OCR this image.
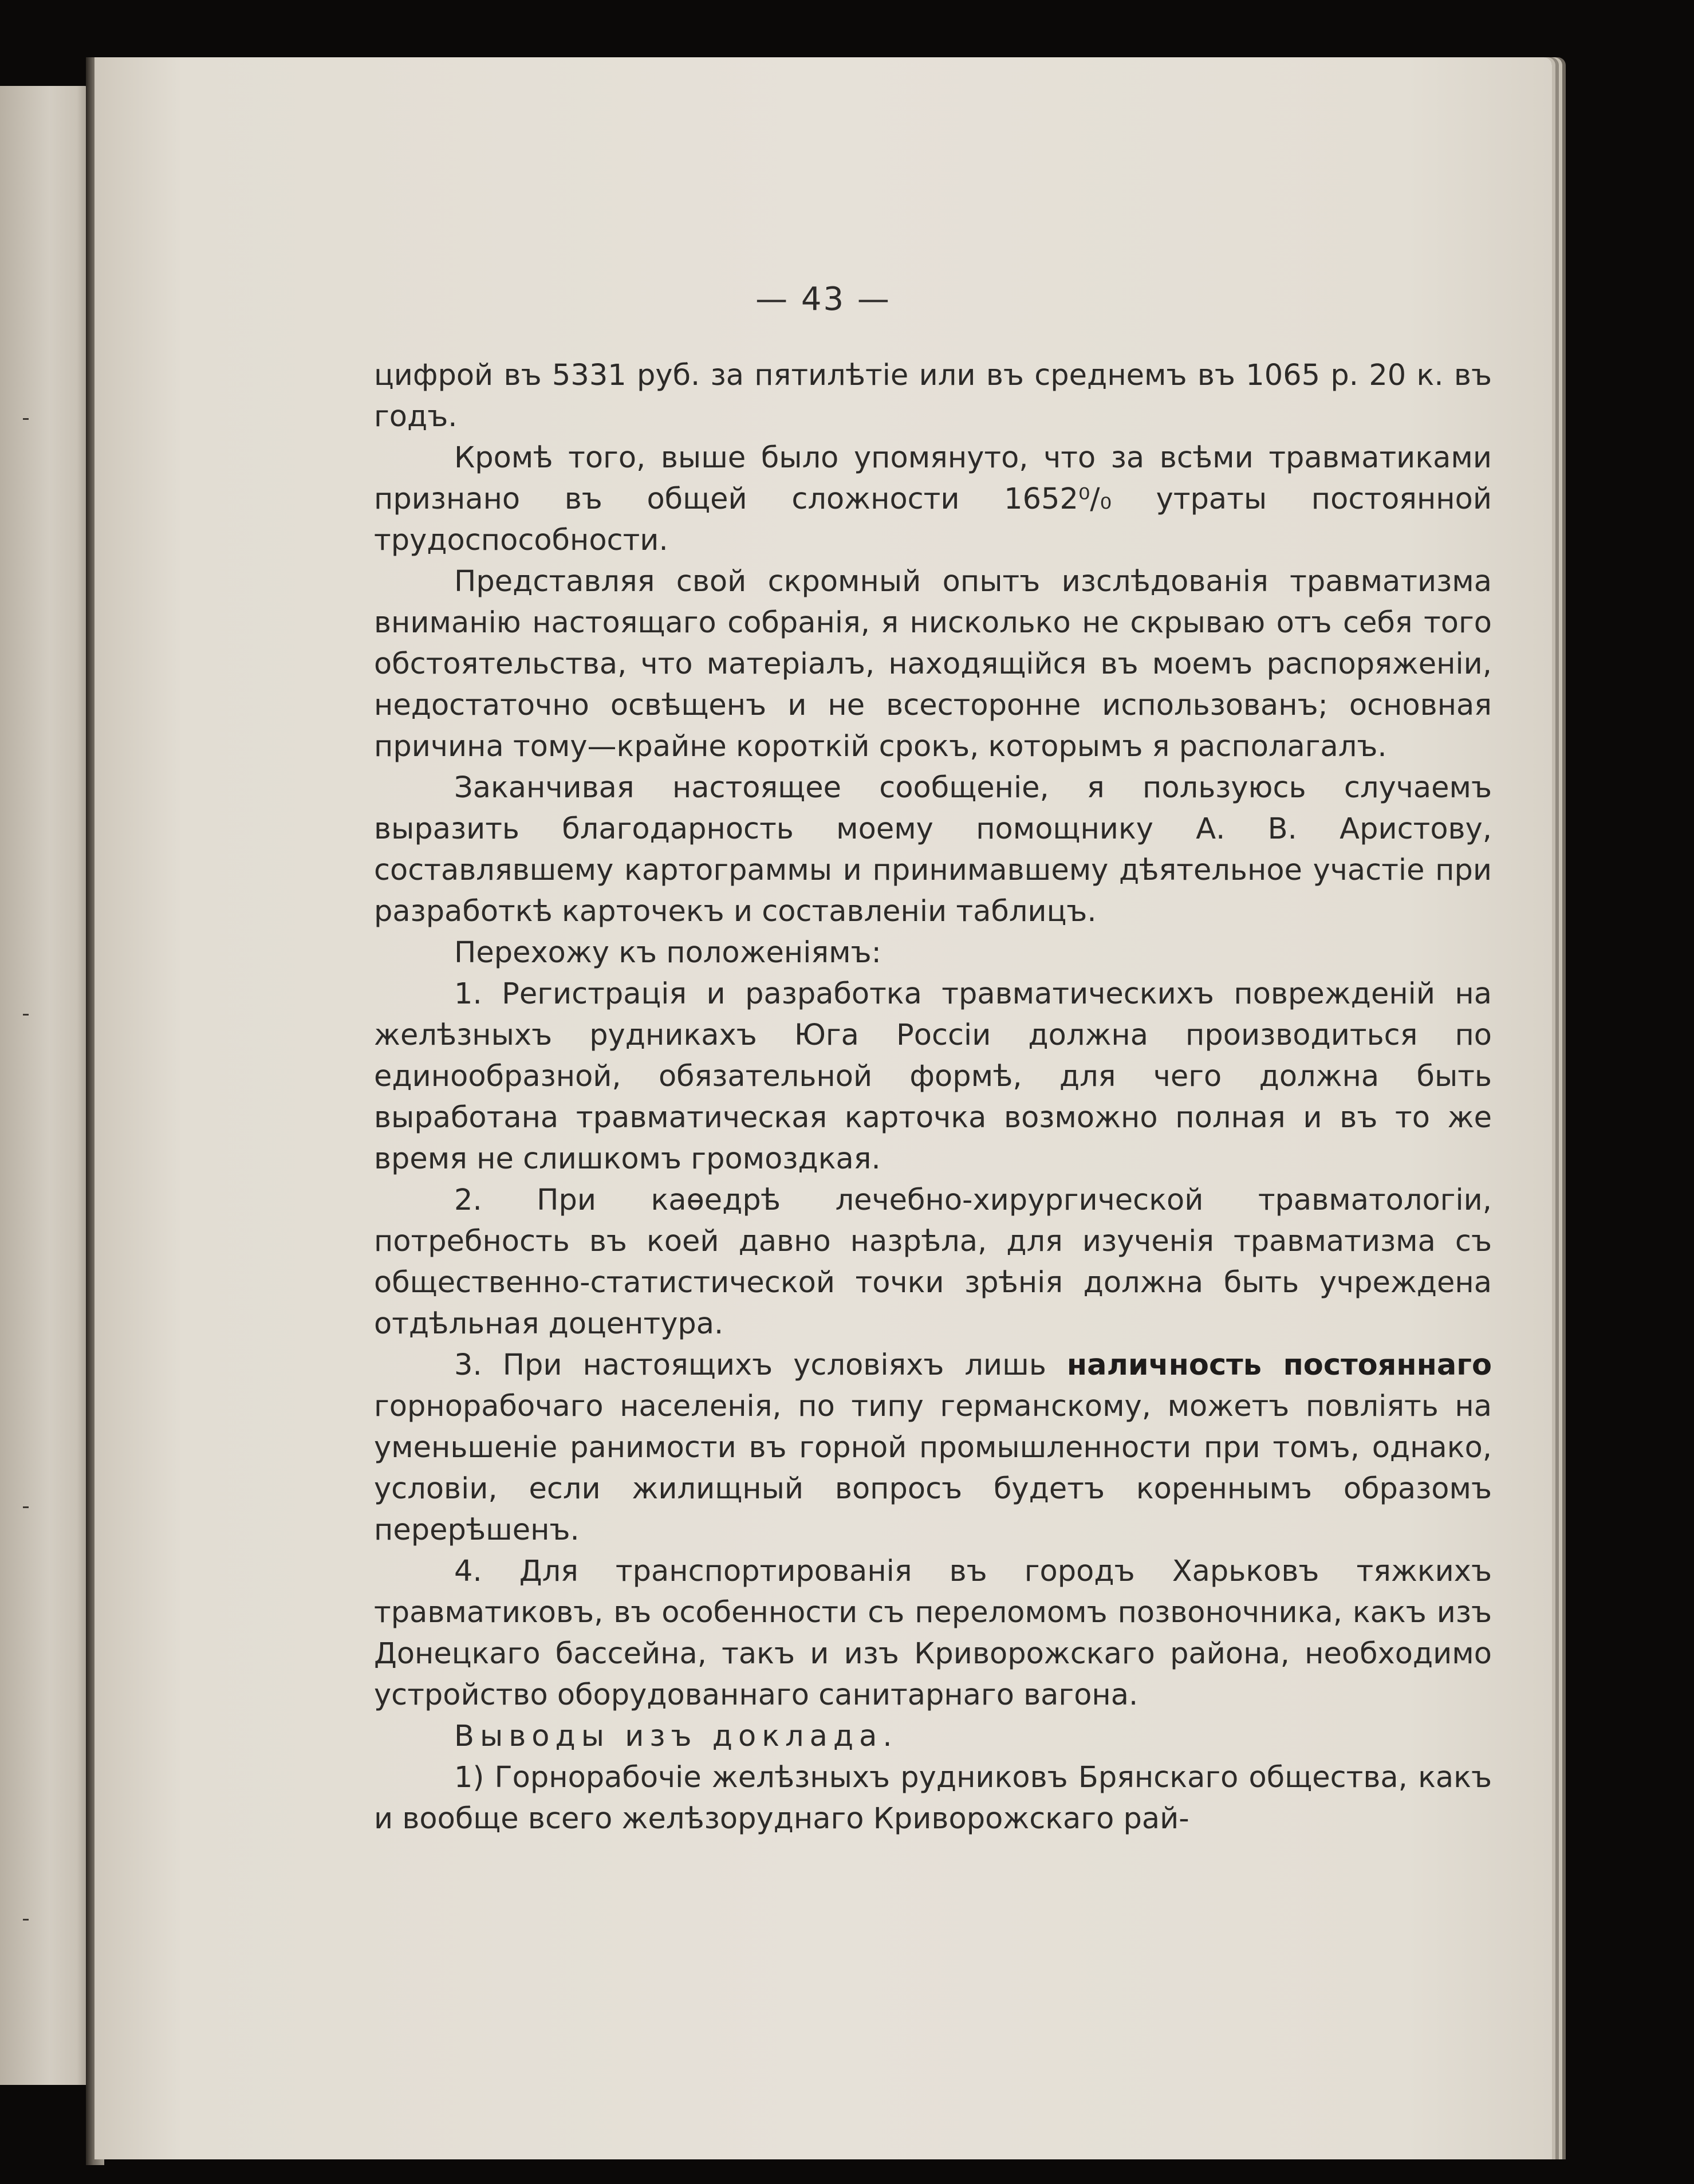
— 43 —

цифрой въ 5331 руб. за пятилѣтіе или въ среднемъ въ 1065 р. 20 к. въ годъ.

Кромѣ того, выше было упомянуто, что за всѣми травматиками признано въ общей сложности 1652⁰/₀ утраты постоянной трудоспособности.

Представляя свой скромный опытъ изслѣдованія травматизма вниманію настоящаго собранія, я нисколько не скрываю отъ себя того обстоятельства, что матеріалъ, находящійся въ моемъ распоряженіи, недостаточно освѣщенъ и не всесторонне использованъ; основная причина тому—крайне короткій срокъ, которымъ я располагалъ.

Заканчивая настоящее сообщеніе, я пользуюсь случаемъ выразить благодарность моему помощнику А. В. Аристову, составлявшему картограммы и принимавшему дѣятельное участіе при разработкѣ карточекъ и составленіи таблицъ.

Перехожу къ положеніямъ:

1. Регистрація и разработка травматическихъ поврежденій на желѣзныхъ рудникахъ Юга Россіи должна производиться по единообразной, обязательной формѣ, для чего должна быть выработана травматическая карточка возможно полная и въ то же время не слишкомъ громоздкая.

2. При каѳедрѣ лечебно-хирургической травматологіи, потребность въ коей давно назрѣла, для изученія травматизма съ общественно-статистической точки зрѣнія должна быть учреждена отдѣльная доцентура.

3. При настоящихъ условіяхъ лишь наличность постояннаго горнорабочаго населенія, по типу германскому, можетъ повліять на уменьшеніе ранимости въ горной промышленности при томъ, однако, условіи, если жилищный вопросъ будетъ кореннымъ образомъ перерѣшенъ.

4. Для транспортированія въ городъ Харьковъ тяжкихъ травматиковъ, въ особенности съ переломомъ позвоночника, какъ изъ Донецкаго бассейна, такъ и изъ Криворожскаго района, необходимо устройство оборудованнаго санитарнаго вагона.

Выводы изъ доклада.

1) Горнорабочіе желѣзныхъ рудниковъ Брянскаго общества, какъ и вообще всего желѣзоруднаго Криворожскаго рай-
